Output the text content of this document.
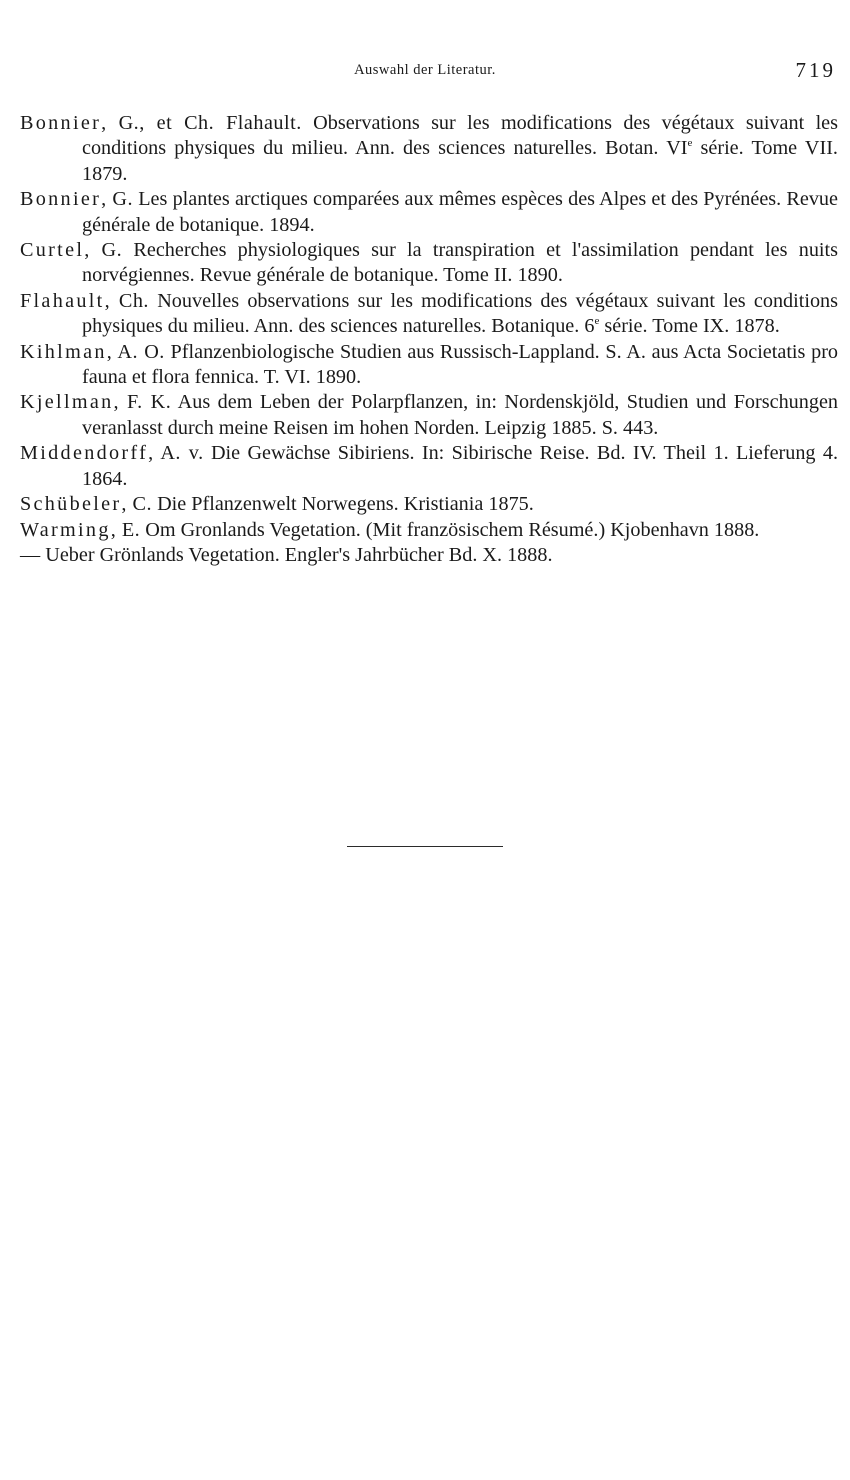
Auswahl der Literatur.	719

Bonnier, G., et Ch. Flahault. Observations sur les modifications des végétaux suivant les conditions physiques du milieu. Ann. des sciences naturelles. Botan. VIe série. Tome VII. 1879.

Bonnier, G. Les plantes arctiques comparées aux mêmes espèces des Alpes et des Pyrénées. Revue générale de botanique. 1894.

Curtel, G. Recherches physiologiques sur la transpiration et l'assimilation pendant les nuits norvégiennes. Revue générale de botanique. Tome II. 1890.

Flahault, Ch. Nouvelles observations sur les modifications des végétaux suivant les conditions physiques du milieu. Ann. des sciences naturelles. Botanique. 6e série. Tome IX. 1878.

Kihlman, A. O. Pflanzenbiologische Studien aus Russisch-Lappland. S. A. aus Acta Societatis pro fauna et flora fennica. T. VI. 1890.

Kjellman, F. K. Aus dem Leben der Polarpflanzen, in: Nordenskjöld, Studien und Forschungen veranlasst durch meine Reisen im hohen Norden. Leipzig 1885. S. 443.

Middendorff, A. v. Die Gewächse Sibiriens. In: Sibirische Reise. Bd. IV. Theil 1. Lieferung 4. 1864.

Schübeler, C. Die Pflanzenwelt Norwegens. Kristiania 1875.

Warming, E. Om Gronlands Vegetation. (Mit französischem Résumé.) Kjobenhavn 1888.

— Ueber Grönlands Vegetation. Engler's Jahrbücher Bd. X. 1888.
